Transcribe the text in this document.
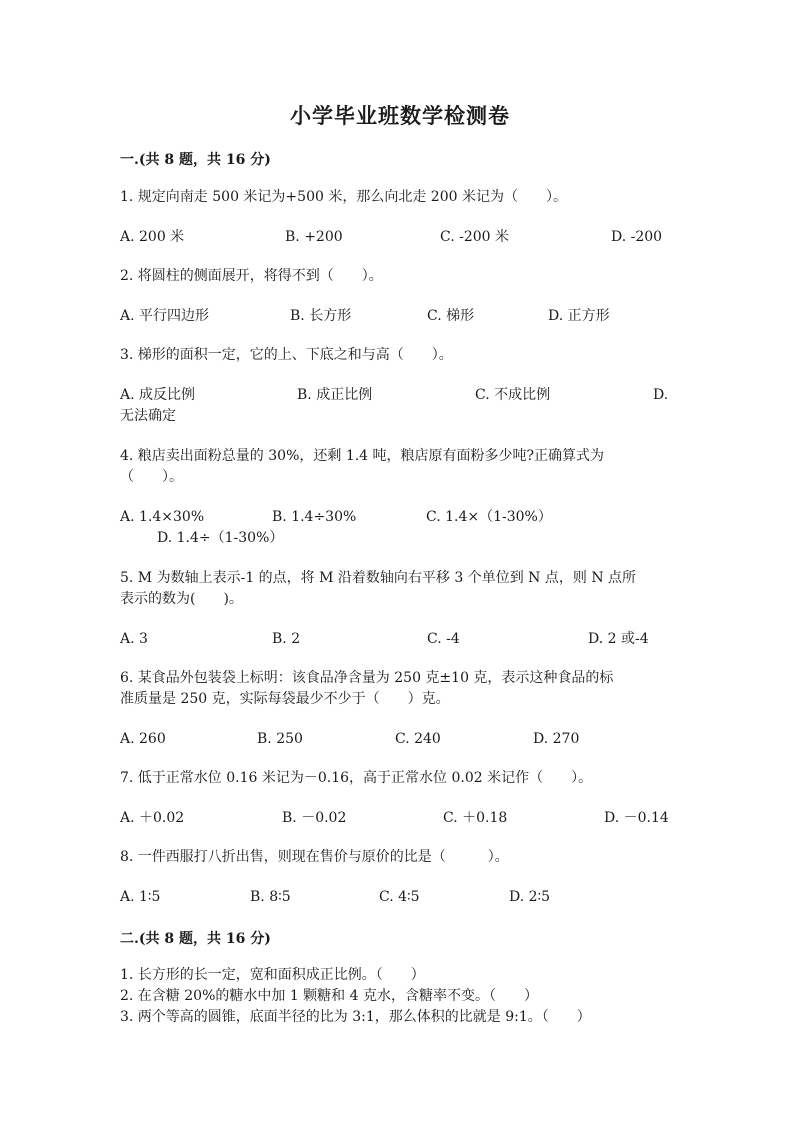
小学毕业班数学检测卷
一.(共 8 题，共 16 分)
1. 规定向南走 500 米记为+500 米，那么向北走 200 米记为（　　）。
A. 200 米	B. +200	C. -200 米	D. -200
2. 将圆柱的侧面展开，将得不到（　　）。
A. 平行四边形	B. 长方形	C. 梯形	D. 正方形
3. 梯形的面积一定，它的上、下底之和与高（　　）。
A. 成反比例	B. 成正比例	C. 不成比例	D.
无法确定
4. 粮店卖出面粉总量的 30%，还剩 1.4 吨，粮店原有面粉多少吨?正确算式为
（　　）。
A. 1.4×30%	B. 1.4÷30%	C. 1.4×（1-30%）
D. 1.4÷（1-30%）
5. M 为数轴上表示-1 的点，将 M 沿着数轴向右平移 3 个单位到 N 点，则 N 点所
表示的数为(　　)。
A. 3	B. 2	C. -4	D. 2 或-4
6. 某食品外包装袋上标明：该食品净含量为 250 克±10 克，表示这种食品的标
准质量是 250 克，实际每袋最少不少于（　　）克。
A. 260	B. 250	C. 240	D. 270
7. 低于正常水位 0.16 米记为－0.16，高于正常水位 0.02 米记作（　　）。
A. ＋0.02	B. －0.02	C. ＋0.18	D. －0.14
8. 一件西服打八折出售，则现在售价与原价的比是（　　　）。
A. 1∶5	B. 8∶5	C. 4∶5	D. 2∶5
二.(共 8 题，共 16 分)
1. 长方形的长一定，宽和面积成正比例。（　　）
2. 在含糖 20%的糖水中加 1 颗糖和 4 克水，含糖率不变。（　　）
3. 两个等高的圆锥，底面半径的比为 3:1，那么体积的比就是 9:1。（　　）
